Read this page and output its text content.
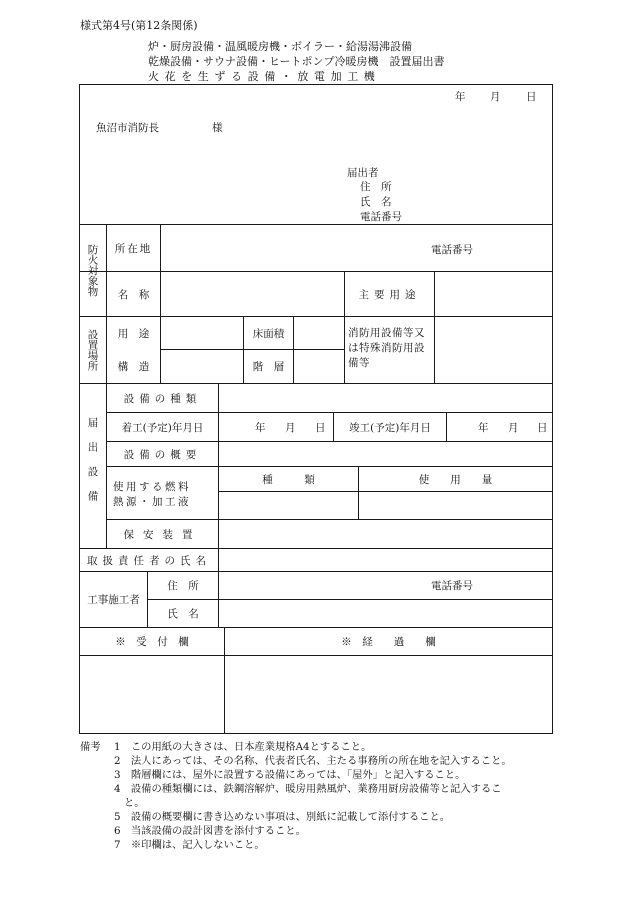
様式第4号(第12条関係)
炉・厨房設備・温風暖房機・ボイラー・給湯湯沸設備
乾燥設備・サウナ設備・ヒートポンプ冷暖房機　設置届出書
火花を生ずる設備・放電加工機
年 月 日
魚沼市消防長	様
届出者
住　所
氏　名
電話番号
防火対象物	所在地	電話番号
名　称	主要用途
設置場所	用　途	床面積	消防用設備等又は特殊消防用設備等
構　造	階　層
届出設備
設備の種類
着工(予定)年月日	年 月 日	竣工(予定)年月日	年 月 日
設備の概要
使用する燃料
熱源・加工液
種　　　類	使　　用　　量
保安装置
取扱責任者の氏名
工事施工者
住　所	電話番号
氏　名
※　受　付　欄	※　経　　過　　欄
備考 1　この用紙の大きさは、日本産業規格A4とすること。
2　法人にあっては、その名称、代表者氏名、主たる事務所の所在地を記入すること。
3　階層欄には、屋外に設置する設備にあっては、「屋外」と記入すること。
4　設備の種類欄には、鉄鋼溶解炉、暖房用熱風炉、業務用厨房設備等と記入するこ
と。
5　設備の概要欄に書き込めない事項は、別紙に記載して添付すること。
6　当該設備の設計図書を添付すること。
7　※印欄は、記入しないこと。
